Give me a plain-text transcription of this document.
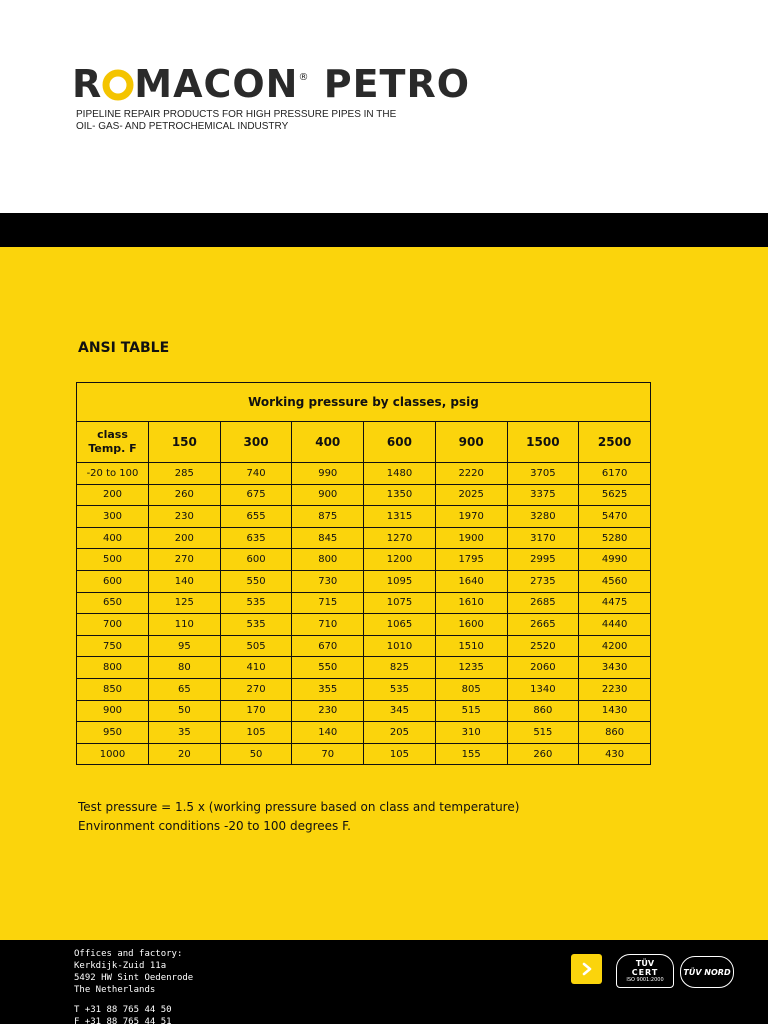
R MACON® PETRO
PIPELINE REPAIR PRODUCTS FOR HIGH PRESSURE PIPES IN THE OIL- GAS- AND PETROCHEMICAL INDUSTRY
ANSI TABLE
Working pressure by classes, psig							
class
Temp. F	150	300	400	600	900	1500	2500
-20 to 100	285	740	990	1480	2220	3705	6170
200	260	675	900	1350	2025	3375	5625
300	230	655	875	1315	1970	3280	5470
400	200	635	845	1270	1900	3170	5280
500	270	600	800	1200	1795	2995	4990
600	140	550	730	1095	1640	2735	4560
650	125	535	715	1075	1610	2685	4475
700	110	535	710	1065	1600	2665	4440
750	95	505	670	1010	1510	2520	4200
800	80	410	550	825	1235	2060	3430
850	65	270	355	535	805	1340	2230
900	50	170	230	345	515	860	1430
950	35	105	140	205	310	515	860
1000	20	50	70	105	155	260	430
Test pressure = 1.5 x (working pressure based on class and temperature)
Environment conditions -20 to 100 degrees F.
Offices and factory:
Kerkdijk-Zuid 11a
5492 HW Sint Oedenrode
The Netherlands
T +31 88 765 44 50
F +31 88 765 44 51
TÜV
CERT
ISO 9001:2000
TÜV NORD
